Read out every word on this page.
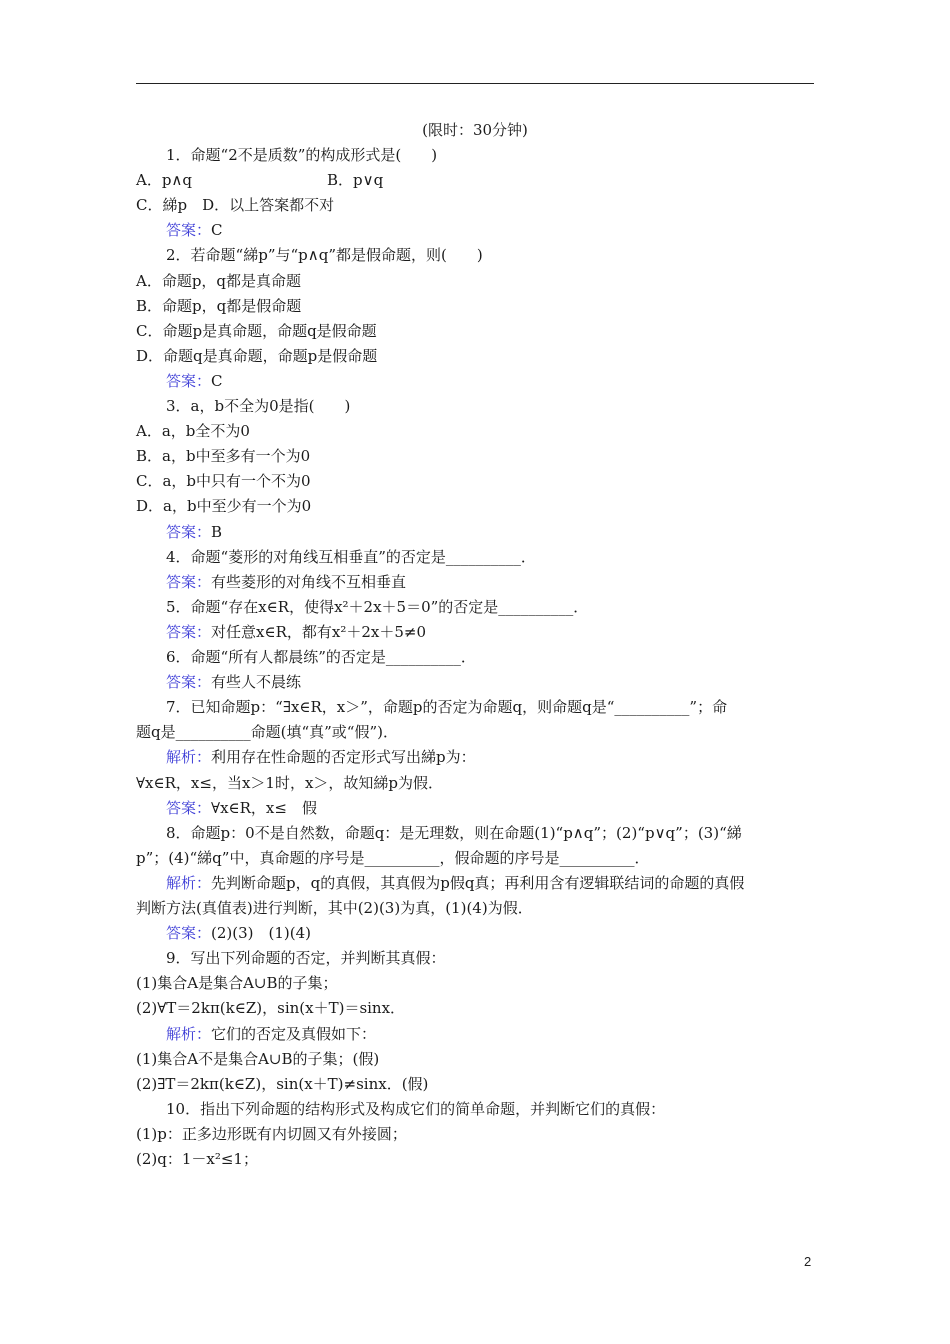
(限时：30分钟)
1．命题“2不是质数”的构成形式是(　　)
A．p∧q　　　　　　　　　B．p∨q
C．綈p　D．以上答案都不对
答案：C
2．若命题“綈p”与“p∧q”都是假命题，则(　　)
A．命题p，q都是真命题
B．命题p，q都是假命题
C．命题p是真命题，命题q是假命题
D．命题q是真命题，命题p是假命题
答案：C
3．a，b不全为0是指(　　)
A．a，b全不为0
B．a，b中至多有一个为0
C．a，b中只有一个不为0
D．a，b中至少有一个为0
答案：B
4．命题“菱形的对角线互相垂直”的否定是__________．
答案：有些菱形的对角线不互相垂直
5．命题“存在x∈R，使得x²＋2x＋5＝0”的否定是__________．
答案：对任意x∈R，都有x²＋2x＋5≠0
6．命题“所有人都晨练”的否定是__________．
答案：有些人不晨练
7．已知命题p：“∃x∈R，x＞”，命题p的否定为命题q，则命题q是“__________”；命
题q是__________命题(填“真”或“假”)．
解析：利用存在性命题的否定形式写出綈p为：
∀x∈R，x≤，当x＞1时，x＞，故知綈p为假．
答案：∀x∈R，x≤　假
8．命题p：0不是自然数，命题q：是无理数，则在命题(1)“p∧q”；(2)“p∨q”；(3)“綈
p”；(4)“綈q”中，真命题的序号是__________，假命题的序号是__________．
解析：先判断命题p，q的真假，其真假为p假q真；再利用含有逻辑联结词的命题的真假
判断方法(真值表)进行判断，其中(2)(3)为真，(1)(4)为假．
答案：(2)(3)　(1)(4)
9．写出下列命题的否定，并判断其真假：
(1)集合A是集合A∪B的子集；
(2)∀T＝2kπ(k∈Z)，sin(x＋T)＝sinx．
解析：它们的否定及真假如下：
(1)集合A不是集合A∪B的子集；(假)
(2)∃T＝2kπ(k∈Z)，sin(x＋T)≠sinx．(假)
10．指出下列命题的结构形式及构成它们的简单命题，并判断它们的真假：
(1)p：正多边形既有内切圆又有外接圆；
(2)q：1－x²≤1；
2
